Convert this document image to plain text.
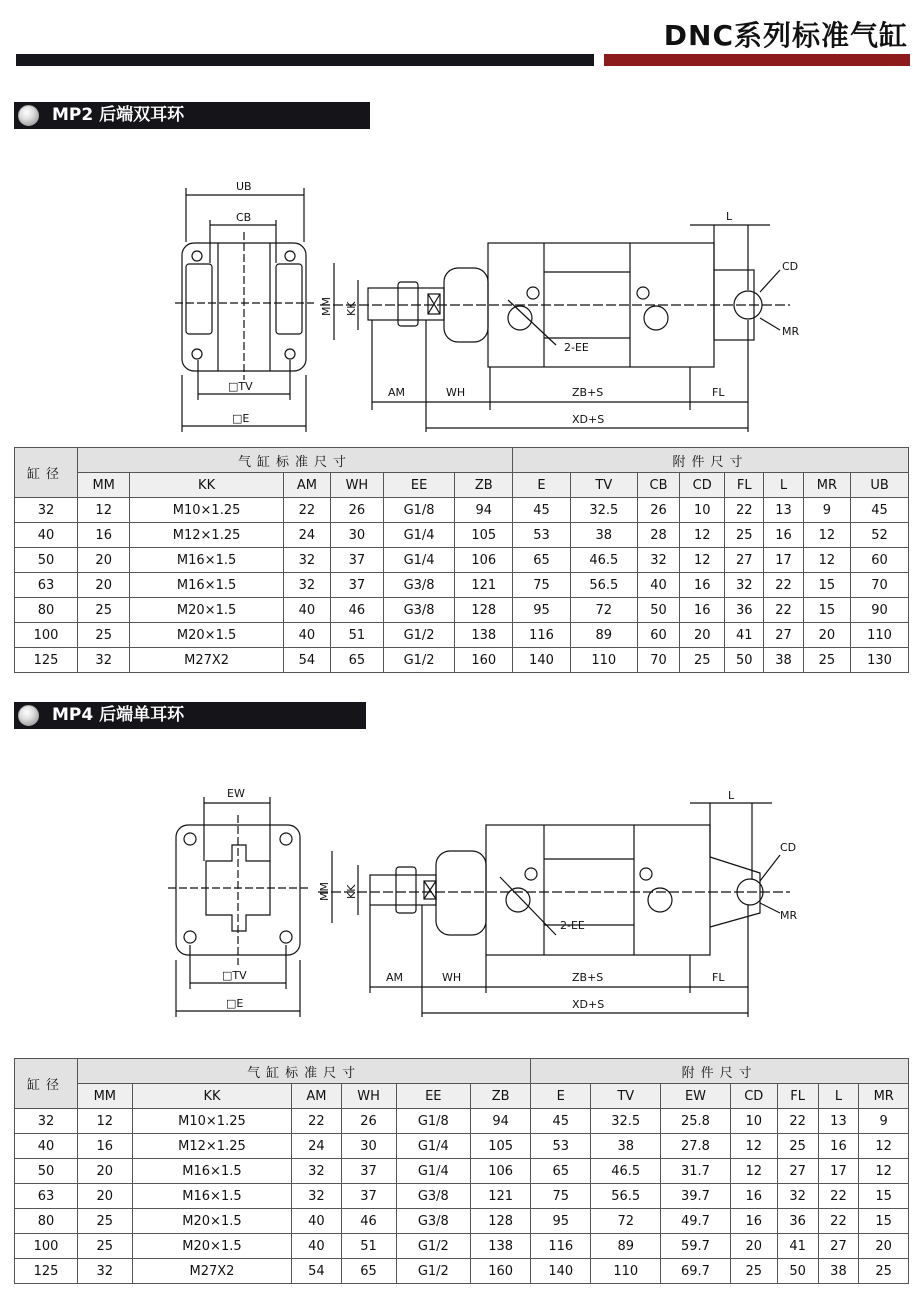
DNC系列标准气缸
MP2 后端双耳环
UB
CB
□TV
□E
MM KK
AM	WH	ZB+S	FL
XD+S
L
CD
MR
2-EE
缸径	气缸标准尺寸						附件尺寸							
	MM	KK	AM	WH	EE	ZB	E	TV	CB	CD	FL	L	MR	UB
32	12	M10×1.25	22	26	G1/8	94	45	32.5	26	10	22	13	9	45
40	16	M12×1.25	24	30	G1/4	105	53	38	28	12	25	16	12	52
50	20	M16×1.5	32	37	G1/4	106	65	46.5	32	12	27	17	12	60
63	20	M16×1.5	32	37	G3/8	121	75	56.5	40	16	32	22	15	70
80	25	M20×1.5	40	46	G3/8	128	95	72	50	16	36	22	15	90
100	25	M20×1.5	40	51	G1/2	138	116	89	60	20	41	27	20	110
125	32	M27X2	54	65	G1/2	160	140	110	70	25	50	38	25	130
MP4 后端单耳环
EW
□TV
□E
MM KK
AM	WH	ZB+S	FL
XD+S
L
CD
MR
2-EE
缸径	气缸标准尺寸						附件尺寸						
	MM	KK	AM	WH	EE	ZB	E	TV	EW	CD	FL	L	MR
32	12	M10×1.25	22	26	G1/8	94	45	32.5	25.8	10	22	13	9
40	16	M12×1.25	24	30	G1/4	105	53	38	27.8	12	25	16	12
50	20	M16×1.5	32	37	G1/4	106	65	46.5	31.7	12	27	17	12
63	20	M16×1.5	32	37	G3/8	121	75	56.5	39.7	16	32	22	15
80	25	M20×1.5	40	46	G3/8	128	95	72	49.7	16	36	22	15
100	25	M20×1.5	40	51	G1/2	138	116	89	59.7	20	41	27	20
125	32	M27X2	54	65	G1/2	160	140	110	69.7	25	50	38	25
